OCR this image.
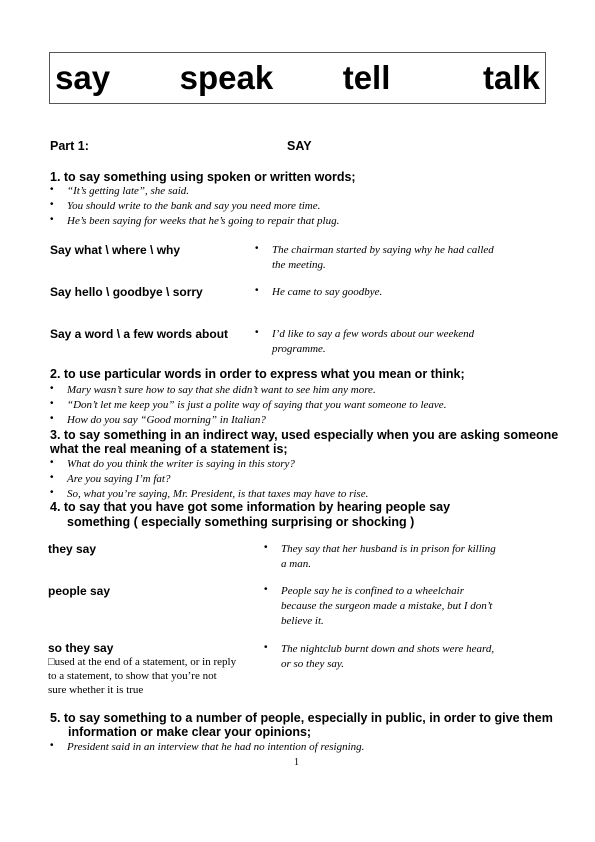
say   speak   tell    talk
Part 1:	SAY
1. to say something using spoken or written words;
• “It’s getting late”, she said.
• You should write to the bank and say you need more time.
• He’s been saying for weeks that he’s going to repair that plug.
Say what \ where \ why	• The chairman started by saying why he had called
the meeting.
Say hello \ goodbye \ sorry	• He came to say goodbye.
Say a word \ a few words about	• I’d like to say a few words about our weekend
programme.
2. to use particular words in order to express what you mean or think;
• Mary wasn’t sure how to say that she didn’t want to see him any more.
• “Don’t let me keep you” is just a polite way of saying that you want someone to leave.
• How do you say “Good morning” in Italian?
3. to say something in an indirect way, used especially when you are asking someone
what the real meaning of a statement is;
• What do you think the writer is saying in this story?
• Are you saying I’m fat?
• So, what you’re saying, Mr. President, is that taxes may have to rise.
4. to say that you have got some information by hearing people say
something ( especially something surprising or shocking )
they say	• They say that her husband is in prison for killing
a man.
people say	• People say he is confined to a wheelchair
because the surgeon made a mistake, but I don’t
believe it.
so they say
□used at the end of a statement, or in reply
to a statement, to show that you’re not
sure whether it is true
• The nightclub burnt down and shots were heard,
or so they say.
5. to say something to a number of people, especially in public, in order to give them
information or make clear your opinions;
• President said in an interview that he had no intention of resigning.
1
